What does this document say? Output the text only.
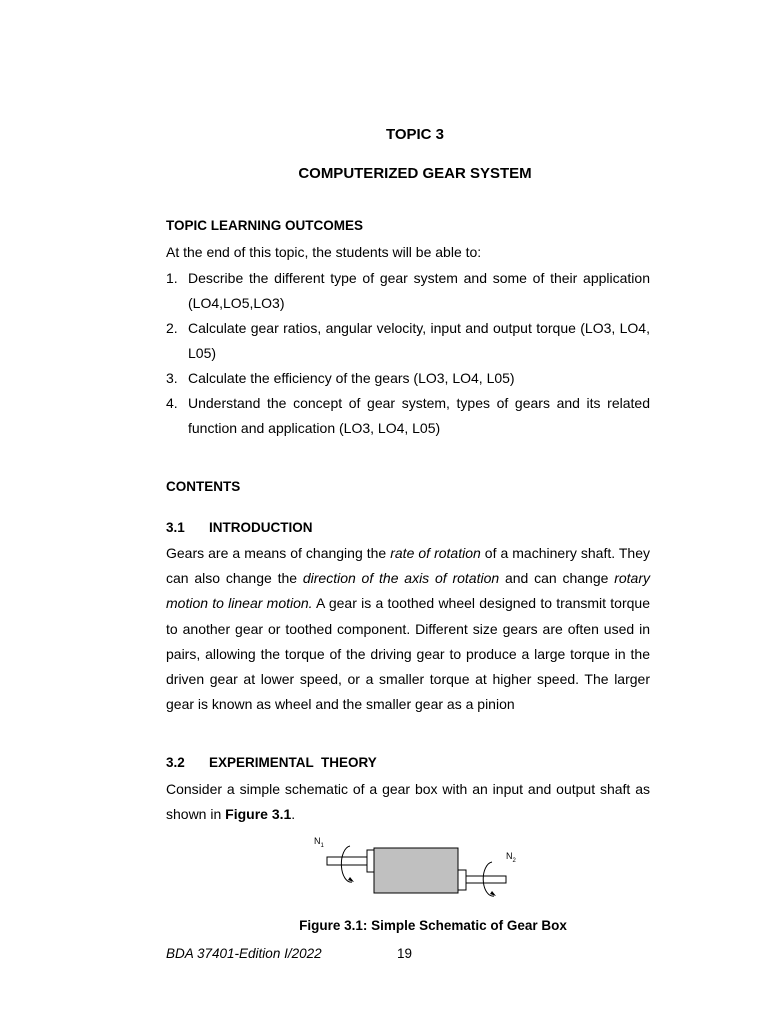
TOPIC 3
COMPUTERIZED GEAR SYSTEM
TOPIC LEARNING OUTCOMES
At the end of this topic, the students will be able to:
1. Describe the different type of gear system and some of their application (LO4,LO5,LO3)
2. Calculate gear ratios, angular velocity, input and output torque (LO3, LO4, L05)
3. Calculate the efficiency of the gears (LO3, LO4, L05)
4. Understand the concept of gear system, types of gears and its related function and application (LO3, LO4, L05)
CONTENTS
3.1 INTRODUCTION
Gears are a means of changing the rate of rotation of a machinery shaft. They can also change the direction of the axis of rotation and can change rotary motion to linear motion. A gear is a toothed wheel designed to transmit torque to another gear or toothed component. Different size gears are often used in pairs, allowing the torque of the driving gear to produce a large torque in the driven gear at lower speed, or a smaller torque at higher speed. The larger gear is known as wheel and the smaller gear as a pinion
3.2 EXPERIMENTAL  THEORY
Consider a simple schematic of a gear box with an input and output shaft as shown in Figure 3.1.
$N_1$
$N_2$
Figure 3.1: Simple Schematic of Gear Box
BDA 37401-Edition I/2022	19
